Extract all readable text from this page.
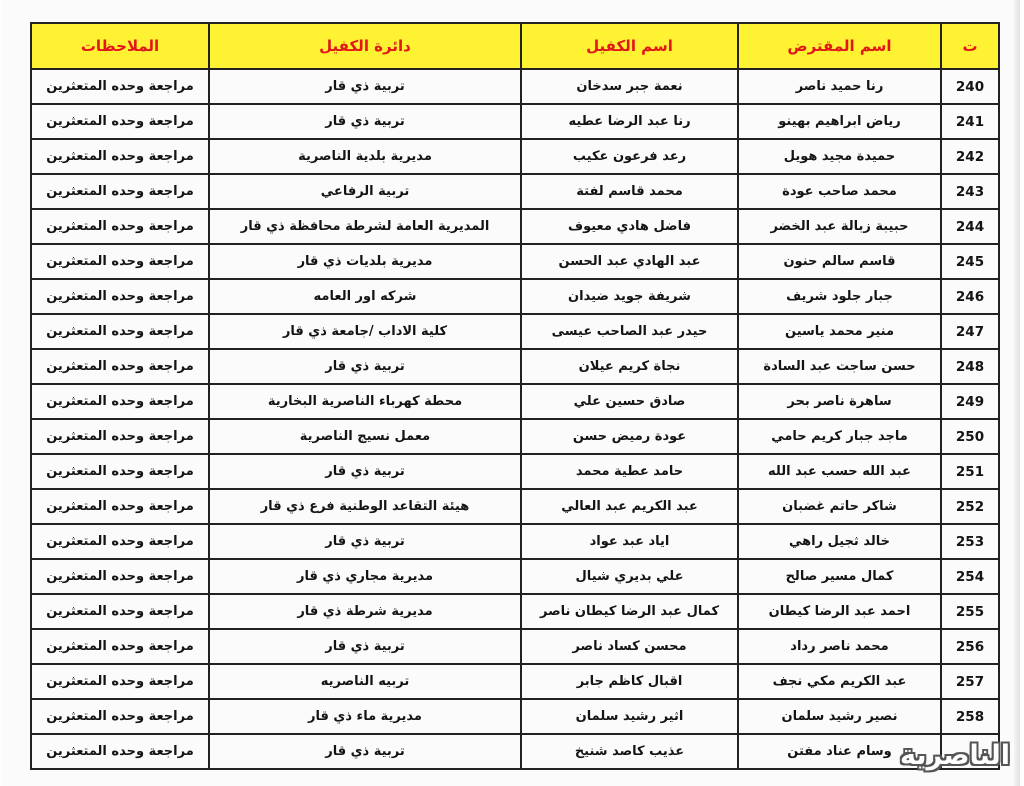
ت	اسم المقترض	اسم الكفيل	دائرة الكفيل	الملاحظات
240	رنا حميد ناصر	نعمة جبر سدخان	تربية ذي قار	مراجعة وحده المتعثرين
241	رياض ابراهيم بهينو	رنا عبد الرضا عطيه	تربية ذي قار	مراجعة وحده المتعثرين
242	حميدة مجيد هويل	رعد فرعون عكيب	مديرية بلدية الناصرية	مراجعة وحده المتعثرين
243	محمد صاحب عودة	محمد قاسم لفتة	تربية الرفاعي	مراجعة وحده المتعثرين
244	حبيبة زبالة عبد الخضر	فاضل هادي معيوف	المديرية العامة لشرطة محافظة ذي قار	مراجعة وحده المتعثرين
245	قاسم سالم حنون	عبد الهادي عبد الحسن	مديرية بلديات ذي قار	مراجعة وحده المتعثرين
246	جبار جلود شريف	شريفة جويد ضيدان	شركه اور العامه	مراجعة وحده المتعثرين
247	منير محمد ياسين	حيدر عبد الصاحب عيسى	كلية الاداب /جامعة ذي قار	مراجعة وحده المتعثرين
248	حسن ساجت عبد السادة	نجاة كريم عيلان	تربية ذي قار	مراجعة وحده المتعثرين
249	ساهرة ناصر بحر	صادق حسين علي	محطة كهرباء الناصرية البخارية	مراجعة وحده المتعثرين
250	ماجد جبار كريم حامي	عودة رميض حسن	معمل نسيج الناصرية	مراجعة وحده المتعثرين
251	عبد الله حسب عبد الله	حامد عطية محمد	تربية ذي قار	مراجعة وحده المتعثرين
252	شاكر حاتم غضبان	عبد الكريم عبد العالي	هيئة التقاعد الوطنية فرع ذي قار	مراجعة وحده المتعثرين
253	خالد ثجيل راهي	اياد عبد عواد	تربية ذي قار	مراجعة وحده المتعثرين
254	كمال مسير صالح	علي بديري شيال	مديرية مجاري ذي قار	مراجعة وحده المتعثرين
255	احمد عبد الرضا كيطان	كمال عبد الرضا كيطان ناصر	مديرية شرطة ذي قار	مراجعة وحده المتعثرين
256	محمد ناصر رداد	محسن كساد ناصر	تربية ذي قار	مراجعة وحده المتعثرين
257	عبد الكريم مكي نجف	اقبال كاظم جابر	تربيه الناصريه	مراجعة وحده المتعثرين
258	نصير رشيد سلمان	اثير رشيد سلمان	مديرية ماء ذي قار	مراجعة وحده المتعثرين
	وسام عناد مفتن	عذيب كاصد شنيخ	تربية ذي قار	مراجعة وحده المتعثرين	الناصرية
